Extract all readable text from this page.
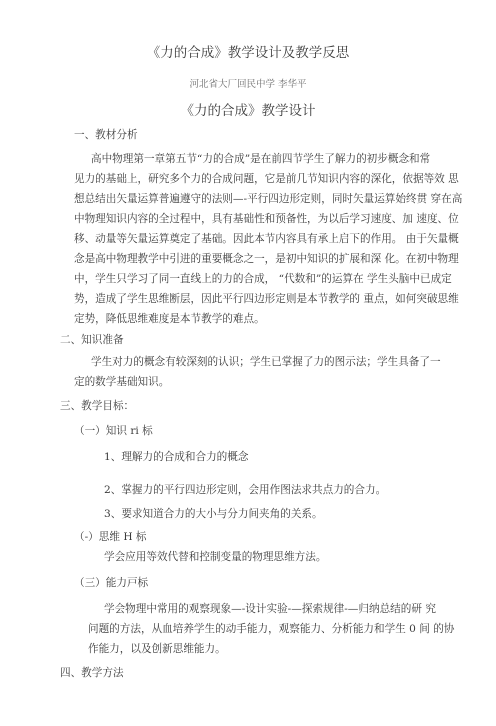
《力的合成》教学设计及教学反思
河北省大厂回民中学 李华平
《力的合成》教学设计
一、教材分析
高中物理第一章第五节“力的合成”是在前四节学生了解力的初步概念和常
见力的基础上，研究多个力的合成问题，它是前几节知识内容的深化，依据等效 思
想总结出矢量运算普遍遵守的法则—-平行四边形定则，同时矢量运算始终贯 穿在高
中物理知识内容的全过程中，具有基础性和预备性，为以后学习速度、加 速度、位
移、动量等矢量运算奠定了基础。因此本节内容具有承上启下的作用。 由于矢量概
念是高中物理教学中引进的重要概念之一，是初中知识的扩展和深 化。在初中物理
中，学生只学习了同一直线上的力的合成， “代数和”的运算在 学生头脑中已成定
势，造成了学生思维断层，因此平行四边形定则是本节教学的 重点，如何突破思维
定势，降低思维难度是本节教学的难点。
二、知识准备
学生对力的概念有较深刻的认识；学生已掌握了力的图示法；学生具备了一
定的数学基础知识。
三、教学目标：
（一）知识 ri 标
1、理解力的合成和合力的概念
2、掌握力的平行四边形定则，会用作图法求共点力的合力。
3、要求知道合力的大小与分力间夹角的关系。
（-）思维 H 标
学会应用等效代替和控制变量的物理思维方法。
（三）能力戸标
学会物理中常用的观察现象—-设计实验-—探索规律-—归纳总结的研 究
问题的方法，从血培养学生的动手能力，观察能力、分析能力和学生 0 间 的协
作能力，以及创新思维能力。
四、教学方法
